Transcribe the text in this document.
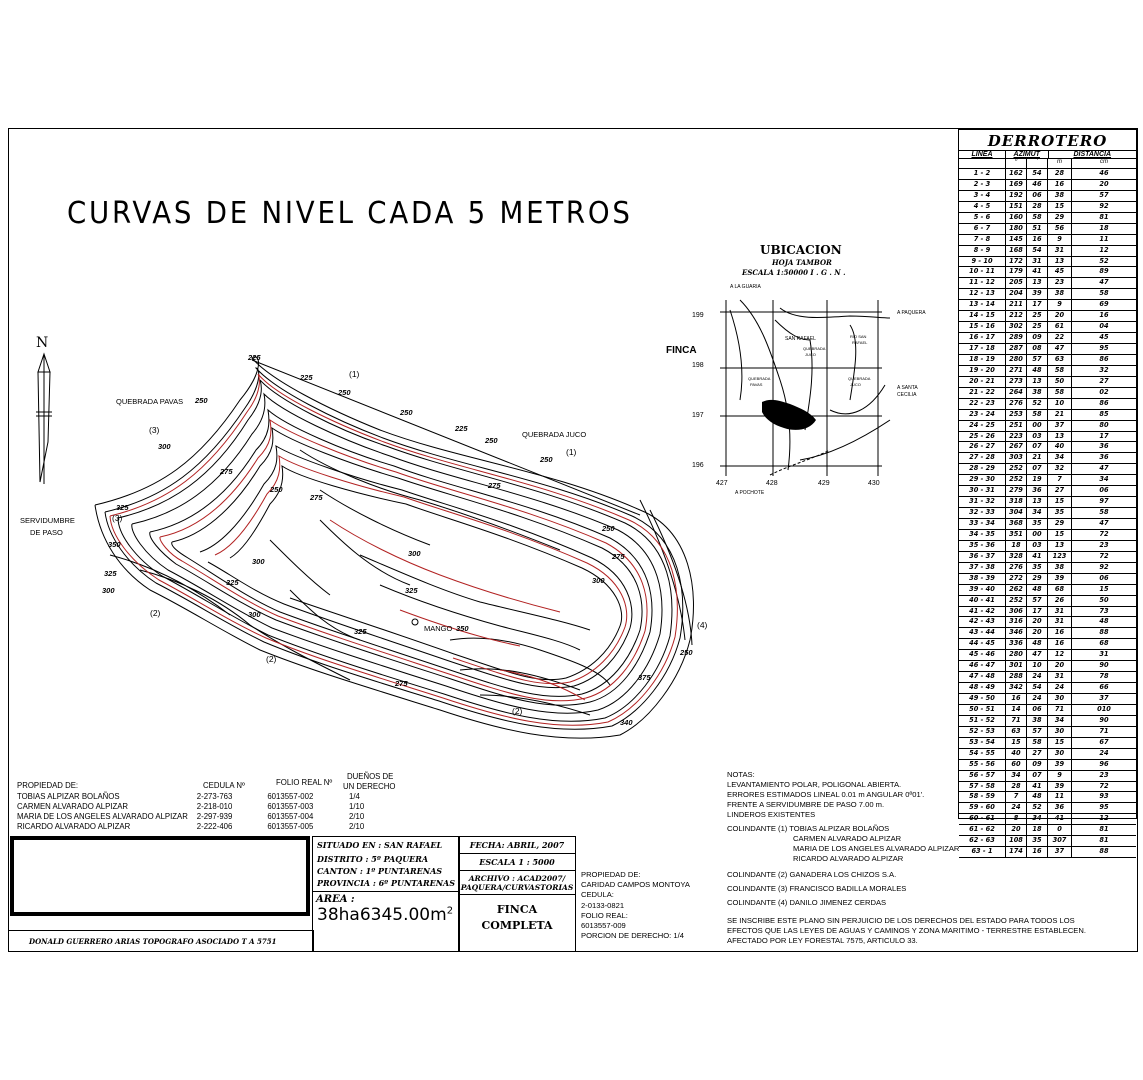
CURVAS DE NIVEL CADA 5 METROS
N
QUEBRADA PAVAS
QUEBRADA JUCO
SERVIDUMBRE
DE PASO
MANGO
225
225
250
250
250
225
250
250
300
275
250
275
275
325
350
300
250
275
325
300
325	300
300	325
300
325	350
250
275
375
340
(1)
(1)
(3)
(3)
(2)
(2)
(2)
(4)
UBICACION
HOJA TAMBOR
ESCALA 1:50000 I . G . N .
FINCA
199
198
197
196
427	428	429	430
A LA GUARIA
A PAQUERA
SAN RAFAEL
A SANTA
CECILIA
A POCHOTE
QUEBRADA
PAVAS
QUEBRADA
JUCO
QUEBRADA
JUCO
RIO SAN
RAFAEL
DERROTERO
LINEA	AZIMUT	DISTANCIA
º	'	m	cm
1 - 2	162	54	28	46
2 - 3	169	46	16	20
3 - 4	192	06	38	57
4 - 5	151	28	15	92
5 - 6	160	58	29	81
6 - 7	180	51	56	18
7 - 8	145	16	9	11
8 - 9	168	54	31	12
9 - 10	172	31	13	52
10 - 11	179	41	45	89
11 - 12	205	13	23	47
12 - 13	204	39	38	58
13 - 14	211	17	9	69
14 - 15	212	25	20	16
15 - 16	302	25	61	04
16 - 17	289	09	22	45
17 - 18	287	08	47	95
18 - 19	280	57	63	86
19 - 20	271	48	58	32
20 - 21	273	13	50	27
21 - 22	264	38	58	02
22 - 23	276	52	10	86
23 - 24	253	58	21	85
24 - 25	251	00	37	80
25 - 26	223	03	13	17
26 - 27	267	07	40	36
27 - 28	303	21	34	36
28 - 29	252	07	32	47
29 - 30	252	19	7	34
30 - 31	279	36	27	06
31 - 32	318	13	15	97
32 - 33	304	34	35	58
33 - 34	368	35	29	47
34 - 35	351	00	15	72
35 - 36	18	03	13	23
36 - 37	328	41	123	72
37 - 38	276	35	38	92
38 - 39	272	29	39	06
39 - 40	262	48	68	15
40 - 41	252	57	26	50
41 - 42	306	17	31	73
42 - 43	316	20	31	48
43 - 44	346	20	16	88
44 - 45	336	48	16	68
45 - 46	280	47	12	31
46 - 47	301	10	20	90
47 - 48	288	24	31	78
48 - 49	342	54	24	66
49 - 50	16	24	30	37
50 - 51	14	06	71	010
51 - 52	71	38	34	90
52 - 53	63	57	30	71
53 - 54	15	58	15	67
54 - 55	40	27	30	24
55 - 56	60	09	39	96
56 - 57	34	07	9	23
57 - 58	28	41	39	72
58 - 59	7	48	11	93
59 - 60	24	52	36	95
60 - 61	8	34	41	12
61 - 62	20	18	0	81
62 - 63	108	35	307	81
63 - 1	174	16	37	88
PROPIEDAD DE:	CEDULA Nº	FOLIO REAL Nº
DUEÑOS DE
UN DERECHO
TOBIAS ALPIZAR BOLAÑOS	2-273-763	6013557-002	1/4
CARMEN ALVARADO ALPIZAR	2-218-010	6013557-003	1/10
MARIA DE LOS ANGELES ALVARADO ALPIZAR	2-297-939	6013557-004	2/10
RICARDO ALVARADO ALPIZAR	2-222-406	6013557-005	2/10
DONALD GUERRERO ARIAS TOPOGRAFO ASOCIADO T A 5751
SITUADO EN : SAN RAFAEL
DISTRITO : 5º PAQUERA
CANTON : 1º PUNTARENAS
PROVINCIA : 6º PUNTARENAS
AREA :
$38ha6345.00m^2$
FECHA: ABRIL, 2007
ESCALA 1 : 5000
ARCHIVO : ACAD2007/
PAQUERA/CURVASTORIAS
FINCA
COMPLETA
PROPIEDAD DE:
CARIDAD CAMPOS MONTOYA
CEDULA:
2-0133-0821
FOLIO REAL:
6013557-009
PORCION DE DERECHO: 1/4
NOTAS:
LEVANTAMIENTO POLAR, POLIGONAL ABIERTA.
ERRORES ESTIMADOS LINEAL 0.01 m ANGULAR 0º01'.
FRENTE A SERVIDUMBRE DE PASO 7.00 m.
LINDEROS EXISTENTES
COLINDANTE (1) TOBIAS ALPIZAR BOLAÑOS
CARMEN ALVARADO ALPIZAR
MARIA DE LOS ANGELES ALVARADO ALPIZAR
RICARDO ALVARADO ALPIZAR
COLINDANTE (2) GANADERA LOS CHIZOS S.A.
COLINDANTE (3) FRANCISCO BADILLA MORALES
COLINDANTE (4) DANILO JIMENEZ CERDAS
SE INSCRIBE ESTE PLANO SIN PERJUICIO DE LOS DERECHOS DEL ESTADO PARA TODOS LOS
EFECTOS QUE LAS LEYES DE AGUAS Y CAMINOS Y ZONA MARITIMO - TERRESTRE ESTABLECEN.
AFECTADO POR LEY FORESTAL 7575, ARTICULO 33.
